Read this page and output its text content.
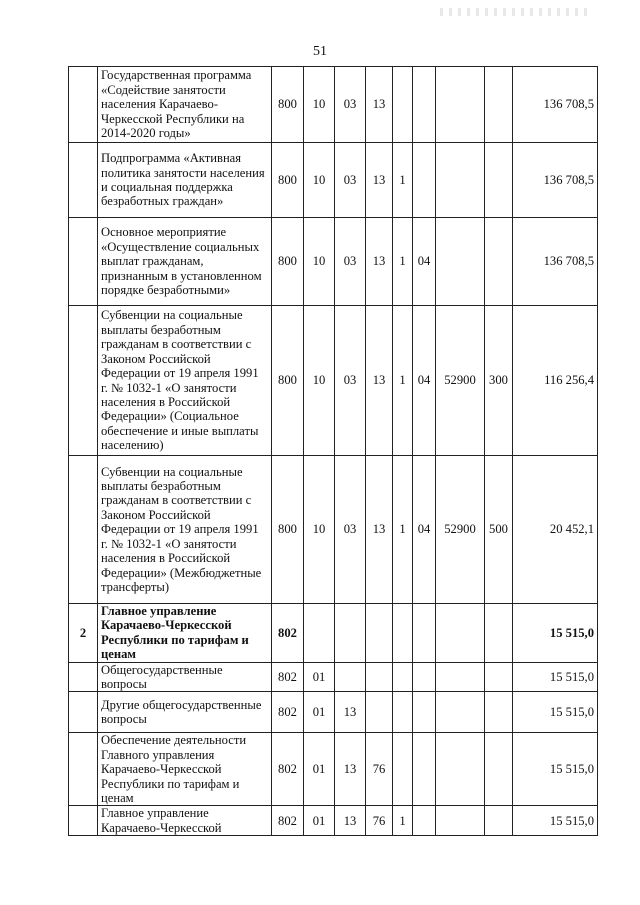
51
	Государственная программа «Содействие занятости населения Карачаево-Черкесской Республики на 2014-2020 годы»	800	10	03	13					136 708,5
	Подпрограмма «Активная политика занятости населения и социальная поддержка безработных граждан»	800	10	03	13	1				136 708,5
	Основное мероприятие «Осуществление социальных выплат гражданам, признанным в установленном порядке безработными»	800	10	03	13	1	04			136 708,5
	Субвенции на социальные выплаты безработным гражданам в соответствии с Законом Российской Федерации от 19 апреля 1991 г. № 1032-1 «О занятости населения в Российской Федерации» (Социальное обеспечение и иные выплаты населению)	800	10	03	13	1	04	52900	300	116 256,4
	Субвенции на социальные выплаты безработным гражданам в соответствии с Законом Российской Федерации от 19 апреля 1991 г. № 1032-1 «О занятости населения в Российской Федерации» (Межбюджетные трансферты)	800	10	03	13	1	04	52900	500	20 452,1
2	Главное управление Карачаево-Черкесской Республики по тарифам и ценам	802								15 515,0
	Общегосударственные вопросы	802	01							15 515,0
	Другие общегосударственные вопросы	802	01	13						15 515,0
	Обеспечение деятельности Главного управления Карачаево-Черкесской Республики по тарифам и ценам	802	01	13	76					15 515,0
	Главное управление Карачаево-Черкесской	802	01	13	76	1				15 515,0
